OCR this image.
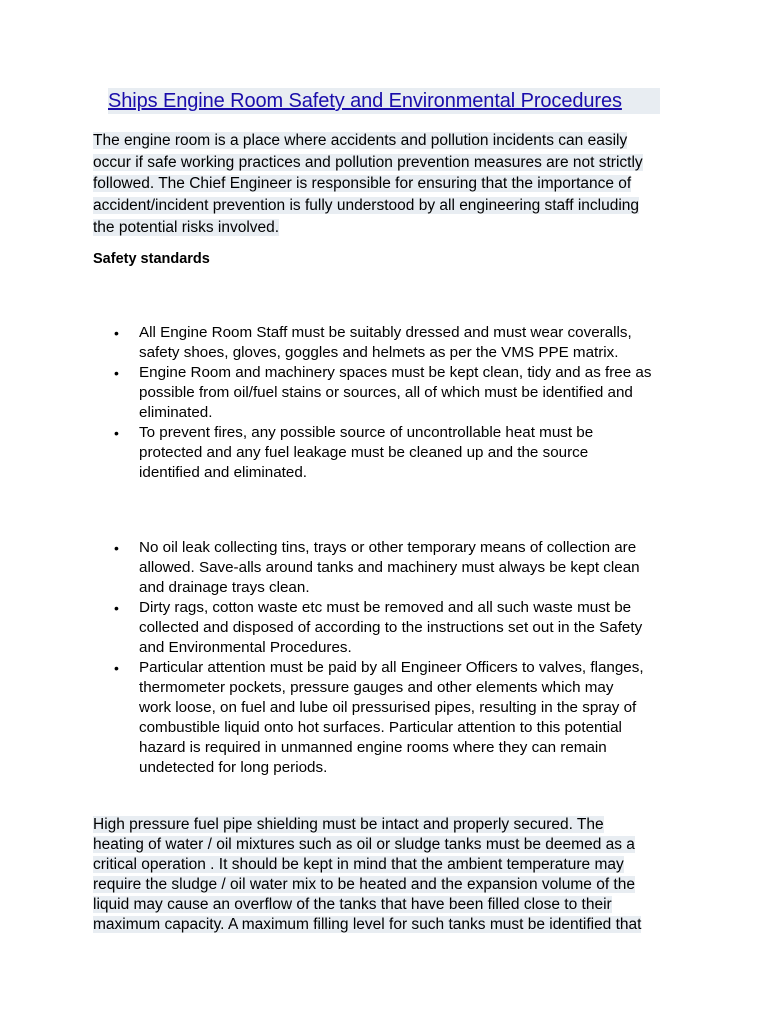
Ships Engine Room Safety and Environmental Procedures
The engine room is a place where accidents and pollution incidents can easily
occur if safe working practices and pollution prevention measures are not strictly
followed. The Chief Engineer is responsible for ensuring that the importance of
accident/incident prevention is fully understood by all engineering staff including
the potential risks involved.
Safety standards
• All Engine Room Staff must be suitably dressed and must wear coveralls,
safety shoes, gloves, goggles and helmets as per the VMS PPE matrix.
• Engine Room and machinery spaces must be kept clean, tidy and as free as
possible from oil/fuel stains or sources, all of which must be identified and
eliminated.
• To prevent fires, any possible source of uncontrollable heat must be
protected and any fuel leakage must be cleaned up and the source
identified and eliminated.
• No oil leak collecting tins, trays or other temporary means of collection are
allowed. Save-alls around tanks and machinery must always be kept clean
and drainage trays clean.
• Dirty rags, cotton waste etc must be removed and all such waste must be
collected and disposed of according to the instructions set out in the Safety
and Environmental Procedures.
• Particular attention must be paid by all Engineer Officers to valves, flanges,
thermometer pockets, pressure gauges and other elements which may
work loose, on fuel and lube oil pressurised pipes, resulting in the spray of
combustible liquid onto hot surfaces. Particular attention to this potential
hazard is required in unmanned engine rooms where they can remain
undetected for long periods.
High pressure fuel pipe shielding must be intact and properly secured. The
heating of water / oil mixtures such as oil or sludge tanks must be deemed as a
critical operation . It should be kept in mind that the ambient temperature may
require the sludge / oil water mix to be heated and the expansion volume of the
liquid may cause an overflow of the tanks that have been filled close to their
maximum capacity. A maximum filling level for such tanks must be identified that
